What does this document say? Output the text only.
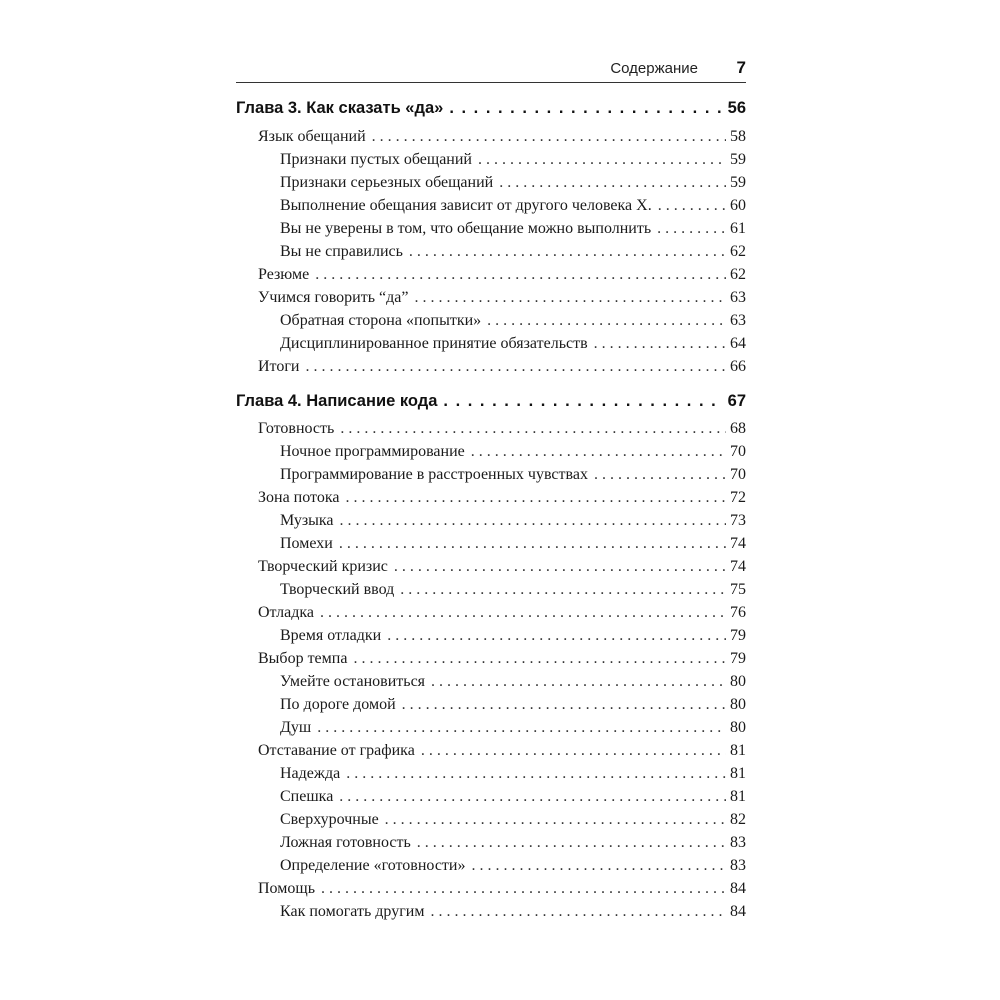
Содержание 7
Глава 3. Как сказать «да» . . .	56
Язык обещаний . . .	58
Признаки пустых обещаний . . .	59
Признаки серьезных обещаний . . .	59
Выполнение обещания зависит от другого человека X. . . .	60
Вы не уверены в том, что обещание можно выполнить . . .	61
Вы не справились . . .	62
Резюме . . .	62
Учимся говорить “да” . . .	63
Обратная сторона «попытки» . . .	63
Дисциплинированное принятие обязательств . . .	64
Итоги . . .	66
Глава 4. Написание кода . . .	67
Готовность . . .	68
Ночное программирование . . .	70
Программирование в расстроенных чувствах . . .	70
Зона потока . . .	72
Музыка . . .	73
Помехи . . .	74
Творческий кризис . . .	74
Творческий ввод . . .	75
Отладка . . .	76
Время отладки . . .	79
Выбор темпа . . .	79
Умейте остановиться . . .	80
По дороге домой . . .	80
Душ . . .	80
Отставание от графика . . .	81
Надежда . . .	81
Спешка . . .	81
Сверхурочные . . .	82
Ложная готовность . . .	83
Определение «готовности» . . .	83
Помощь . . .	84
Как помогать другим . . .	84
